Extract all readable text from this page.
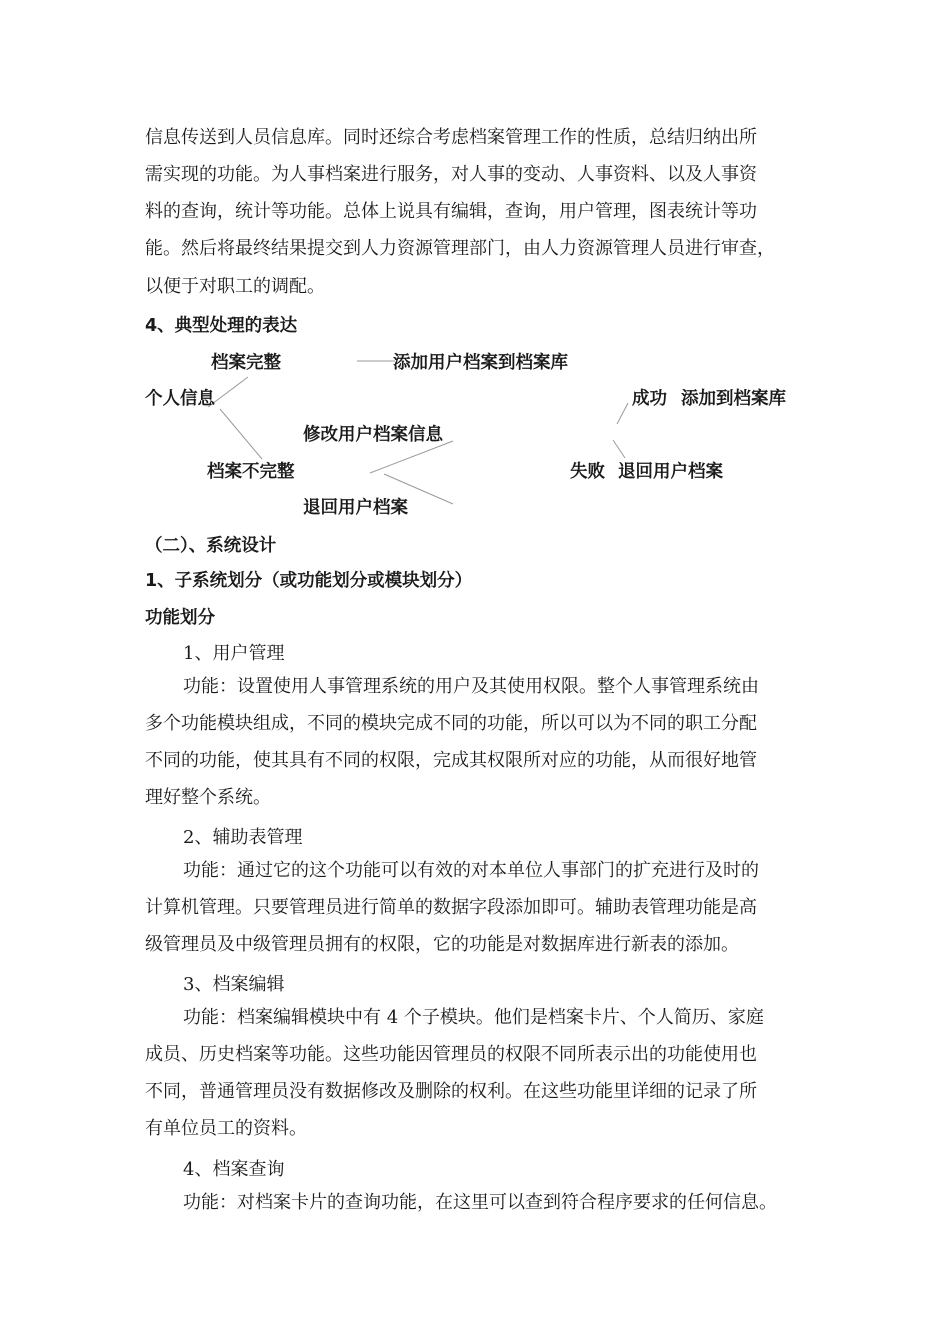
信息传送到人员信息库。同时还综合考虑档案管理工作的性质，总结归纳出所
需实现的功能。为人事档案进行服务，对人事的变动、人事资料、以及人事资
料的查询，统计等功能。总体上说具有编辑，查询，用户管理，图表统计等功
能。然后将最终结果提交到人力资源管理部门，由人力资源管理人员进行审查，
以便于对职工的调配。
4、典型处理的表达
档案完整	添加用户档案到档案库
个人信息	成功 添加到档案库
修改用户档案信息
档案不完整	失败 退回用户档案
退回用户档案
（二）、系统设计
1、子系统划分（或功能划分或模块划分）
功能划分
1、用户管理
功能：设置使用人事管理系统的用户及其使用权限。整个人事管理系统由
多个功能模块组成，不同的模块完成不同的功能，所以可以为不同的职工分配
不同的功能，使其具有不同的权限，完成其权限所对应的功能，从而很好地管
理好整个系统。
2、辅助表管理
功能：通过它的这个功能可以有效的对本单位人事部门的扩充进行及时的
计算机管理。只要管理员进行简单的数据字段添加即可。辅助表管理功能是高
级管理员及中级管理员拥有的权限，它的功能是对数据库进行新表的添加。
3、档案编辑
功能：档案编辑模块中有 4 个子模块。他们是档案卡片、个人简历、家庭
成员、历史档案等功能。这些功能因管理员的权限不同所表示出的功能使用也
不同，普通管理员没有数据修改及删除的权利。在这些功能里详细的记录了所
有单位员工的资料。
4、档案查询
功能：对档案卡片的查询功能，在这里可以查到符合程序要求的任何信息。
